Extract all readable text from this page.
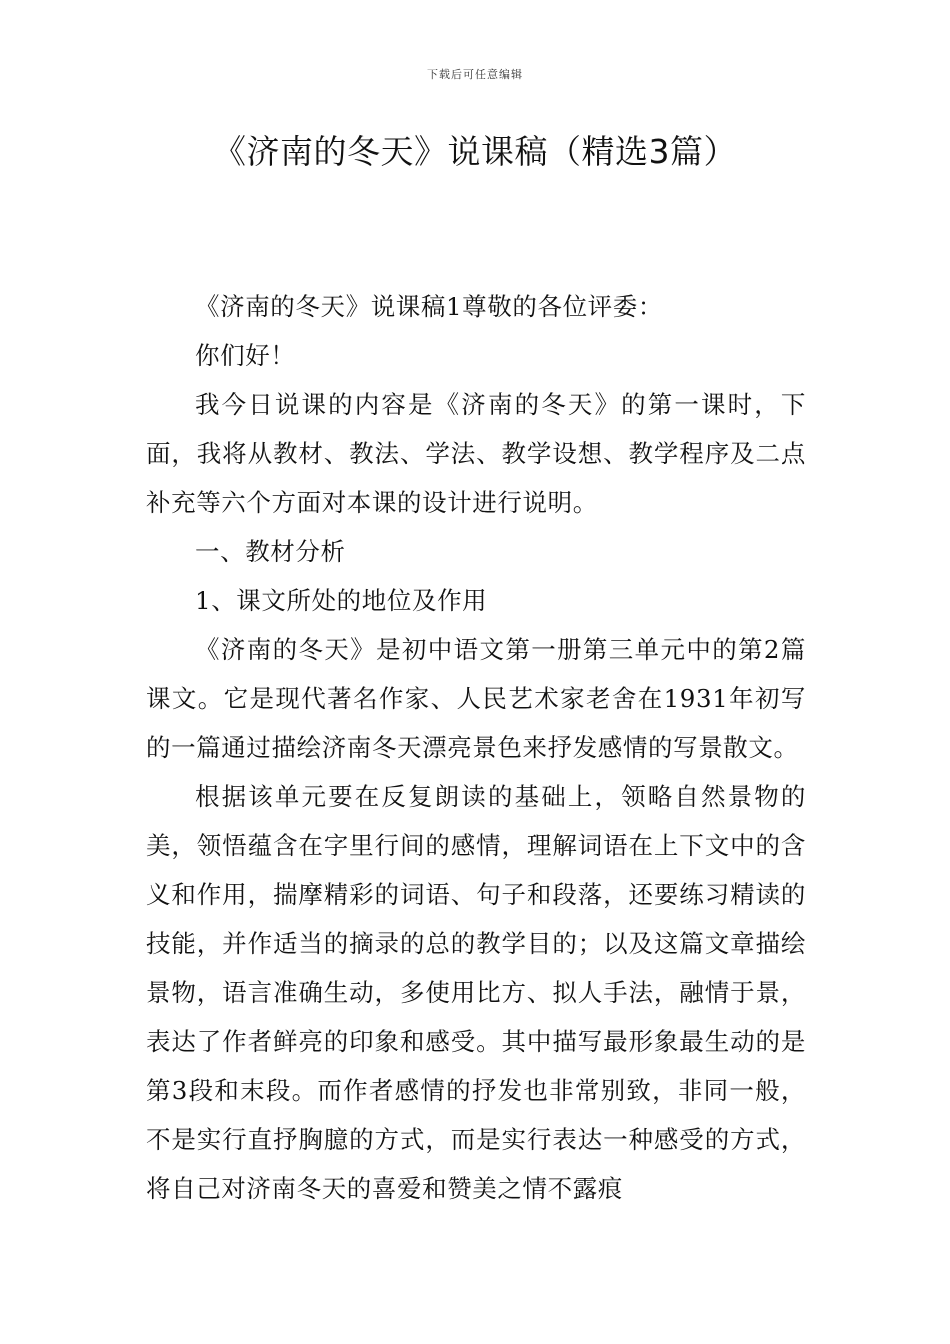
下载后可任意编辑
《济南的冬天》说课稿（精选3篇）

《济南的冬天》说课稿1尊敬的各位评委：

你们好！

我今日说课的内容是《济南的冬天》的第一课时，下面，我将从教材、教法、学法、教学设想、教学程序及二点补充等六个方面对本课的设计进行说明。

一、教材分析

1、课文所处的地位及作用

《济南的冬天》是初中语文第一册第三单元中的第2篇课文。它是现代著名作家、人民艺术家老舍在1931年初写的一篇通过描绘济南冬天漂亮景色来抒发感情的写景散文。

根据该单元要在反复朗读的基础上，领略自然景物的美，领悟蕴含在字里行间的感情，理解词语在上下文中的含义和作用，揣摩精彩的词语、句子和段落，还要练习精读的技能，并作适当的摘录的总的教学目的；以及这篇文章描绘景物，语言准确生动，多使用比方、拟人手法，融情于景，表达了作者鲜亮的印象和感受。其中描写最形象最生动的是第3段和末段。而作者感情的抒发也非常别致，非同一般，不是实行直抒胸臆的方式，而是实行表达一种感受的方式，将自己对济南冬天的喜爱和赞美之情不露痕
